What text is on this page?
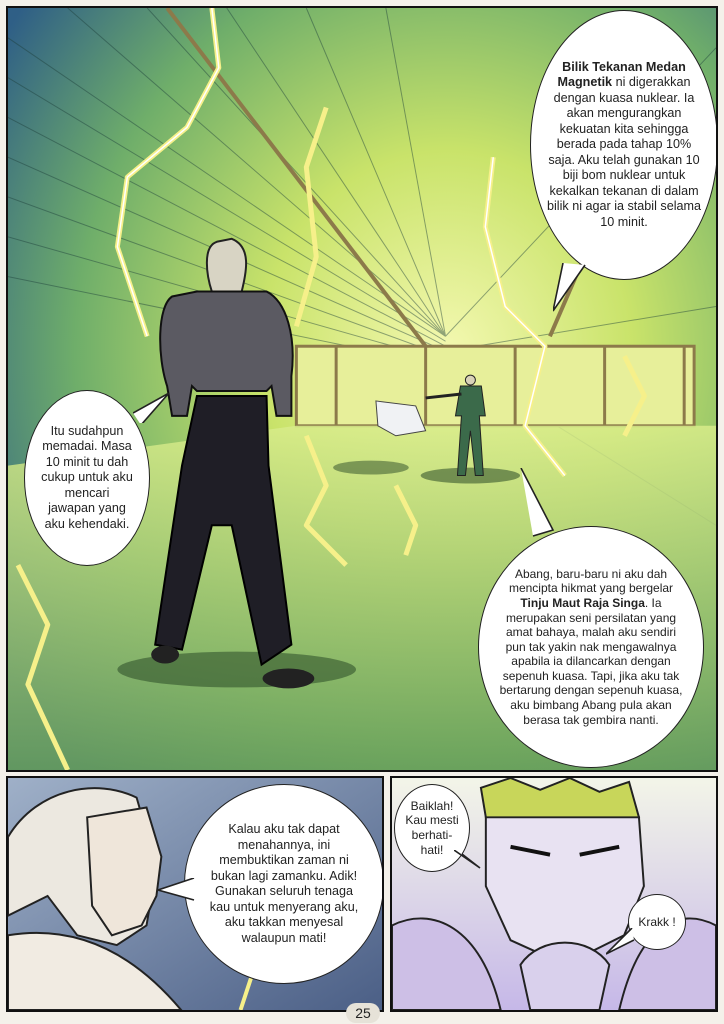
Bilik Tekanan Medan Magnetik ni digerakkan dengan kuasa nuklear. Ia akan mengurangkan kekuatan kita sehingga berada pada tahap 10% saja. Aku telah gunakan 10 biji bom nuklear untuk kekalkan tekanan di dalam bilik ni agar ia stabil selama 10 minit.
Itu sudahpun memadai. Masa 10 minit tu dah cukup untuk aku mencari jawapan yang aku kehendaki.
Abang, baru-baru ni aku dah mencipta hikmat yang bergelar Tinju Maut Raja Singa. Ia merupakan seni persilatan yang amat bahaya, malah aku sendiri pun tak yakin nak mengawalnya apabila ia dilancarkan dengan sepenuh kuasa. Tapi, jika aku tak bertarung dengan sepenuh kuasa, aku bimbang Abang pula akan berasa tak gembira nanti.
Kalau aku tak dapat menahannya, ini membuktikan zaman ni bukan lagi zamanku. Adik! Gunakan seluruh tenaga kau untuk menyerang aku, aku takkan menyesal walaupun mati!
Baiklah! Kau mesti berhati-hati!
Krakk !
25
